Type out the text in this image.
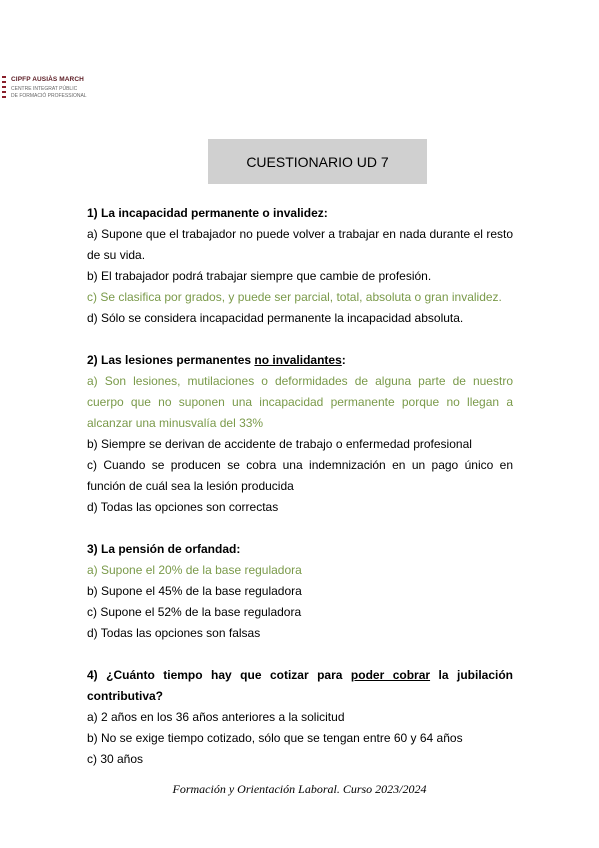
CIPFP AUSIÀS MARCH
CENTRE INTEGRAT PÚBLIC
DE FORMACIÓ PROFESSIONAL
CUESTIONARIO UD 7
1) La incapacidad permanente o invalidez:
a) Supone que el trabajador no puede volver a trabajar en nada durante el resto de su vida.
b) El trabajador podrá trabajar siempre que cambie de profesión.
c) Se clasifica por grados, y puede ser parcial, total, absoluta o gran invalidez.
d) Sólo se considera incapacidad permanente la incapacidad absoluta.
2) Las lesiones permanentes no invalidantes:
a) Son lesiones, mutilaciones o deformidades de alguna parte de nuestro cuerpo que no suponen una incapacidad permanente porque no llegan a alcanzar una minusvalía del 33%
b) Siempre se derivan de accidente de trabajo o enfermedad profesional
c) Cuando se producen se cobra una indemnización en un pago único en función de cuál sea la lesión producida
d) Todas las opciones son correctas
3) La pensión de orfandad:
a) Supone el 20% de la base reguladora
b) Supone el 45% de la base reguladora
c) Supone el 52% de la base reguladora
d) Todas las opciones son falsas
4) ¿Cuánto tiempo hay que cotizar para poder cobrar la jubilación contributiva?
a) 2 años en los 36 años anteriores a la solicitud
b) No se exige tiempo cotizado, sólo que se tengan entre 60 y 64 años
c) 30 años
Formación y Orientación Laboral. Curso 2023/2024
